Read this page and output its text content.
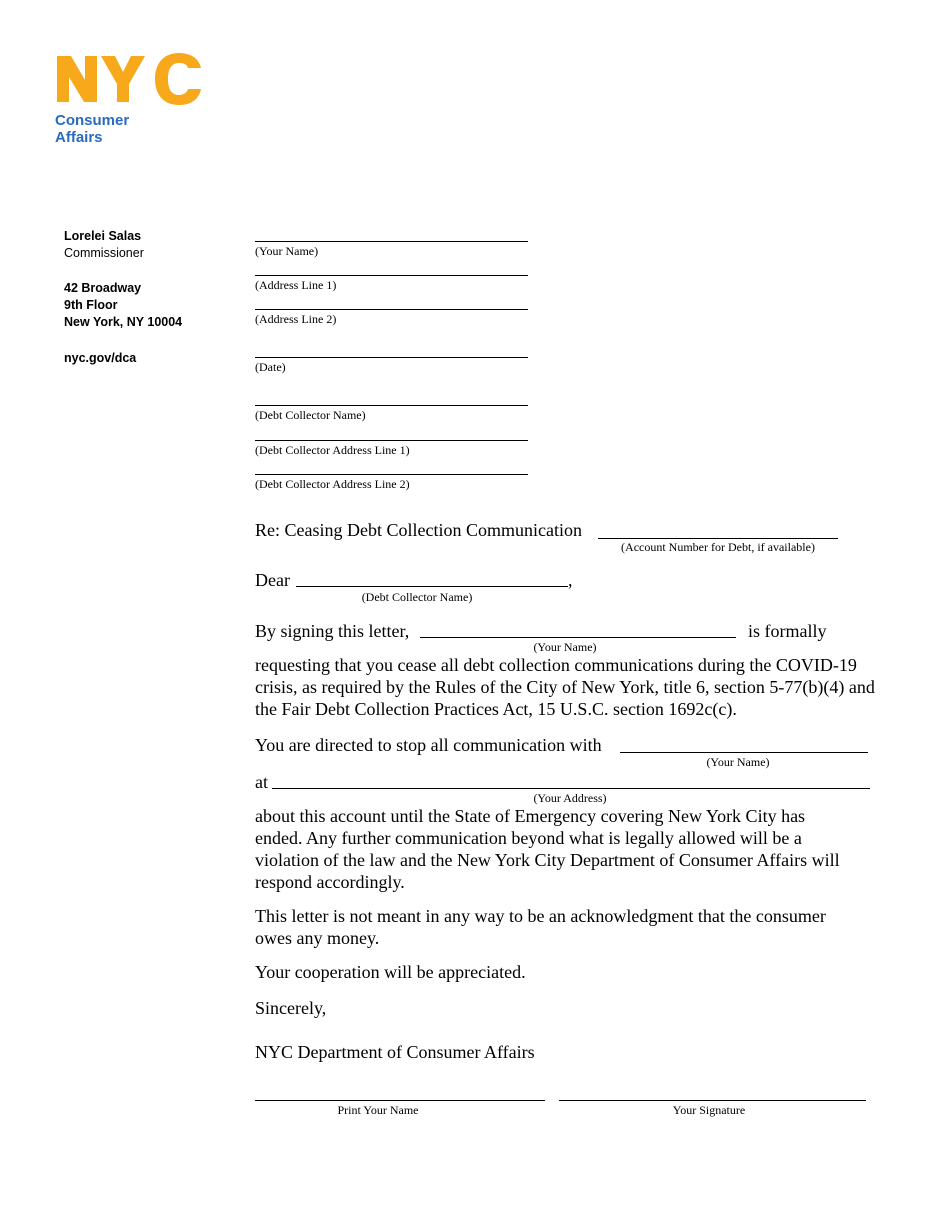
Consumer
Affairs
Lorelei Salas
Commissioner
42 Broadway
9th Floor
New York, NY 10004
nyc.gov/dca
(Your Name)
(Address Line 1)
(Address Line 2)
(Date)
(Debt Collector Name)
(Debt Collector Address Line 1)
(Debt Collector Address Line 2)
Re: Ceasing Debt Collection Communication
(Account Number for Debt, if available)
Dear	,
(Debt Collector Name)
By signing this letter,	is formally
(Your Name)
requesting that you cease all debt collection communications during the COVID-19 crisis, as required by the Rules of the City of New York, title 6, section 5-77(b)(4) and the Fair Debt Collection Practices Act, 15 U.S.C. section 1692c(c).
You are directed to stop all communication with
(Your Name)
at
(Your Address)
about this account until the State of Emergency covering New York City has ended. Any further communication beyond what is legally allowed will be a violation of the law and the New York City Department of Consumer Affairs will respond accordingly.
This letter is not meant in any way to be an acknowledgment that the consumer owes any money.
Your cooperation will be appreciated.
Sincerely,
NYC Department of Consumer Affairs
Print Your Name	Your Signature
